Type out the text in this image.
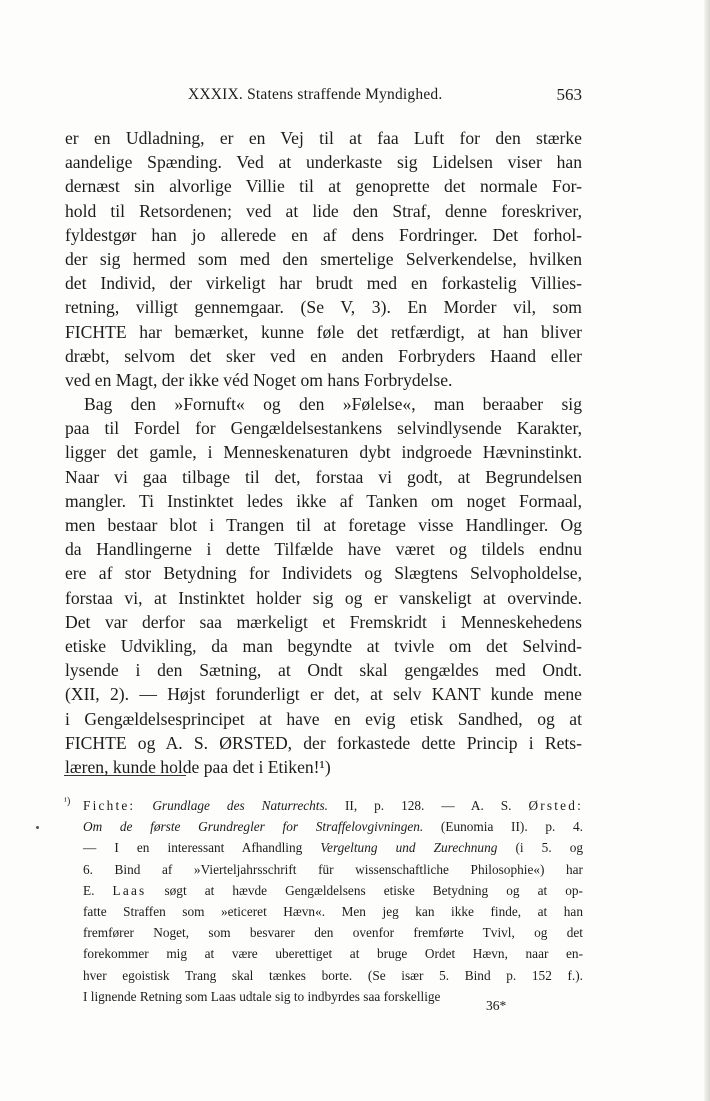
XXXIX. Statens straffende Myndighed.	563
er en Udladning, er en Vej til at faa Luft for den stærke
aandelige Spænding. Ved at underkaste sig Lidelsen viser han
dernæst sin alvorlige Villie til at genoprette det normale For-
hold til Retsordenen; ved at lide den Straf, denne foreskriver,
fyldestgør han jo allerede en af dens Fordringer. Det forhol-
der sig hermed som med den smertelige Selverkendelse, hvilken
det Individ, der virkeligt har brudt med en forkastelig Villies-
retning, villigt gennemgaar. (Se V, 3). En Morder vil, som
FICHTE har bemærket, kunne føle det retfærdigt, at han bliver
dræbt, selvom det sker ved en anden Forbryders Haand eller
ved en Magt, der ikke véd Noget om hans Forbrydelse.
Bag den »Fornuft« og den »Følelse«, man beraaber sig
paa til Fordel for Gengældelsestankens selvindlysende Karakter,
ligger det gamle, i Menneskenaturen dybt indgroede Hævninstinkt.
Naar vi gaa tilbage til det, forstaa vi godt, at Begrundelsen
mangler. Ti Instinktet ledes ikke af Tanken om noget Formaal,
men bestaar blot i Trangen til at foretage visse Handlinger. Og
da Handlingerne i dette Tilfælde have været og tildels endnu
ere af stor Betydning for Individets og Slægtens Selvopholdelse,
forstaa vi, at Instinktet holder sig og er vanskeligt at overvinde.
Det var derfor saa mærkeligt et Fremskridt i Menneskehedens
etiske Udvikling, da man begyndte at tvivle om det Selvind-
lysende i den Sætning, at Ondt skal gengældes med Ondt.
(XII, 2). — Højst forunderligt er det, at selv KANT kunde mene
i Gengældelsesprincipet at have en evig etisk Sandhed, og at
FICHTE og A. S. ØRSTED, der forkastede dette Princip i Rets-
læren, kunde holde paa det i Etiken!¹)
¹) Fichte: Grundlage des Naturrechts. II, p. 128. — A. S. Ørsted:
Om de første Grundregler for Straffelovgivningen. (Eunomia II). p. 4.
— I en interessant Afhandling Vergeltung und Zurechnung (i 5. og
6. Bind af »Vierteljahrsschrift für wissenschaftliche Philosophie«) har
E. Laas søgt at hævde Gengældelsens etiske Betydning og at op-
fatte Straffen som »eticeret Hævn«. Men jeg kan ikke finde, at han
fremfører Noget, som besvarer den ovenfor fremførte Tvivl, og det
forekommer mig at være uberettiget at bruge Ordet Hævn, naar en-
hver egoistisk Trang skal tænkes borte. (Se især 5. Bind p. 152 f.).
I lignende Retning som Laas udtale sig to indbyrdes saa forskellige
36*
